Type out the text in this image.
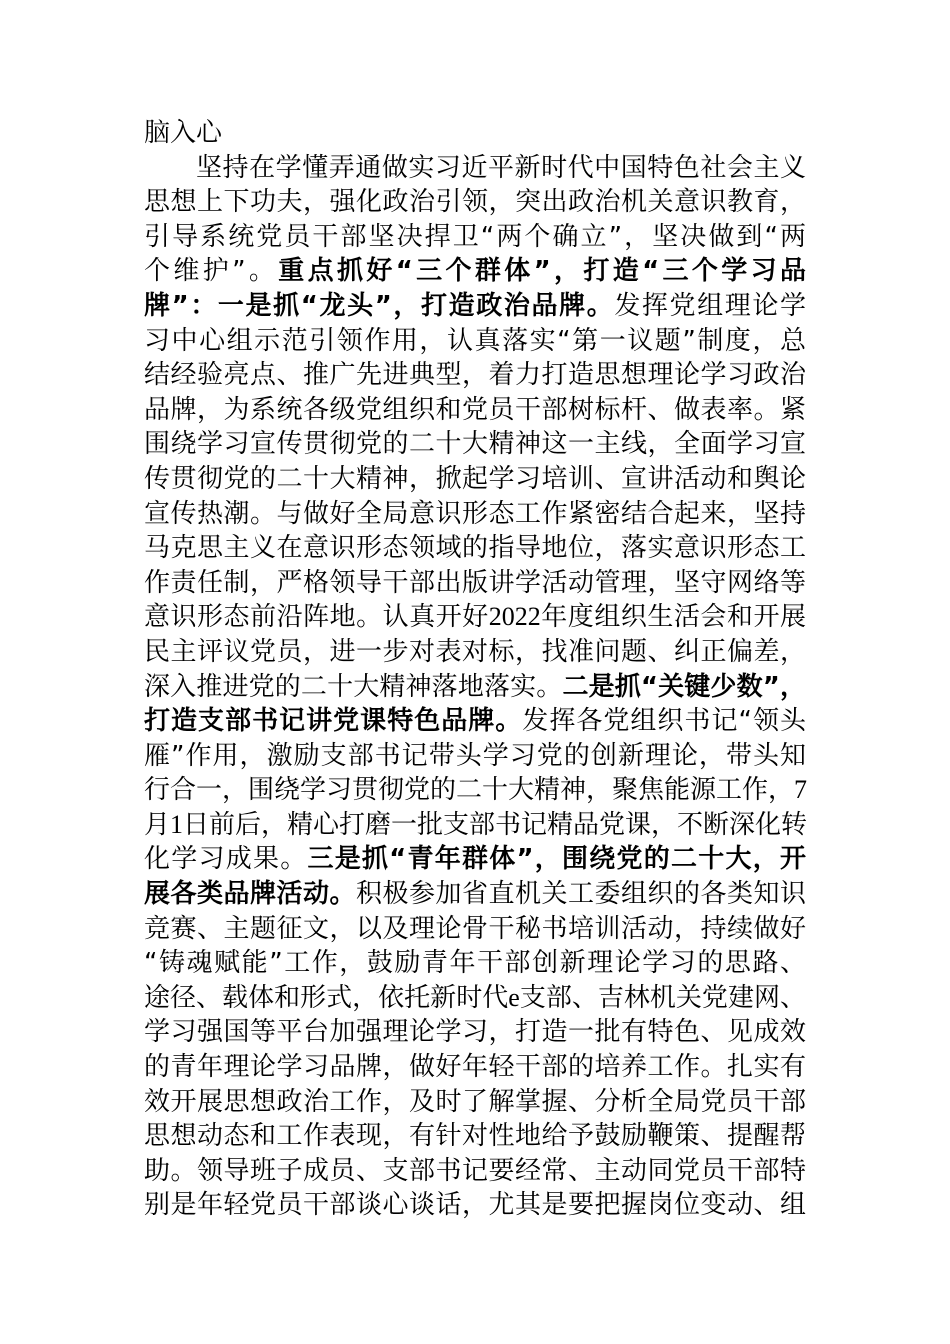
脑入心
坚持在学懂弄通做实习近平新时代中国特色社会主义
思想上下功夫，强化政治引领，突出政治机关意识教育，
引导系统党员干部坚决捍卫“两个确立”，坚决做到“两
个维护”。重点抓好“三个群体”，打造“三个学习品
牌”：一是抓“龙头”，打造政治品牌。发挥党组理论学
习中心组示范引领作用，认真落实“第一议题”制度，总
结经验亮点、推广先进典型，着力打造思想理论学习政治
品牌，为系统各级党组织和党员干部树标杆、做表率。紧
围绕学习宣传贯彻党的二十大精神这一主线，全面学习宣
传贯彻党的二十大精神，掀起学习培训、宣讲活动和舆论
宣传热潮。与做好全局意识形态工作紧密结合起来，坚持
马克思主义在意识形态领域的指导地位，落实意识形态工
作责任制，严格领导干部出版讲学活动管理，坚守网络等
意识形态前沿阵地。认真开好2022年度组织生活会和开展
民主评议党员，进一步对表对标，找准问题、纠正偏差，
深入推进党的二十大精神落地落实。二是抓“关键少数”，
打造支部书记讲党课特色品牌。发挥各党组织书记“领头
雁”作用，激励支部书记带头学习党的创新理论，带头知
行合一，围绕学习贯彻党的二十大精神，聚焦能源工作，7
月1日前后，精心打磨一批支部书记精品党课，不断深化转
化学习成果。三是抓“青年群体”，围绕党的二十大，开
展各类品牌活动。积极参加省直机关工委组织的各类知识
竞赛、主题征文，以及理论骨干秘书培训活动，持续做好
“铸魂赋能”工作，鼓励青年干部创新理论学习的思路、
途径、载体和形式，依托新时代e支部、吉林机关党建网、
学习强国等平台加强理论学习，打造一批有特色、见成效
的青年理论学习品牌，做好年轻干部的培养工作。扎实有
效开展思想政治工作，及时了解掌握、分析全局党员干部
思想动态和工作表现，有针对性地给予鼓励鞭策、提醒帮
助。领导班子成员、支部书记要经常、主动同党员干部特
别是年轻党员干部谈心谈话，尤其是要把握岗位变动、组
